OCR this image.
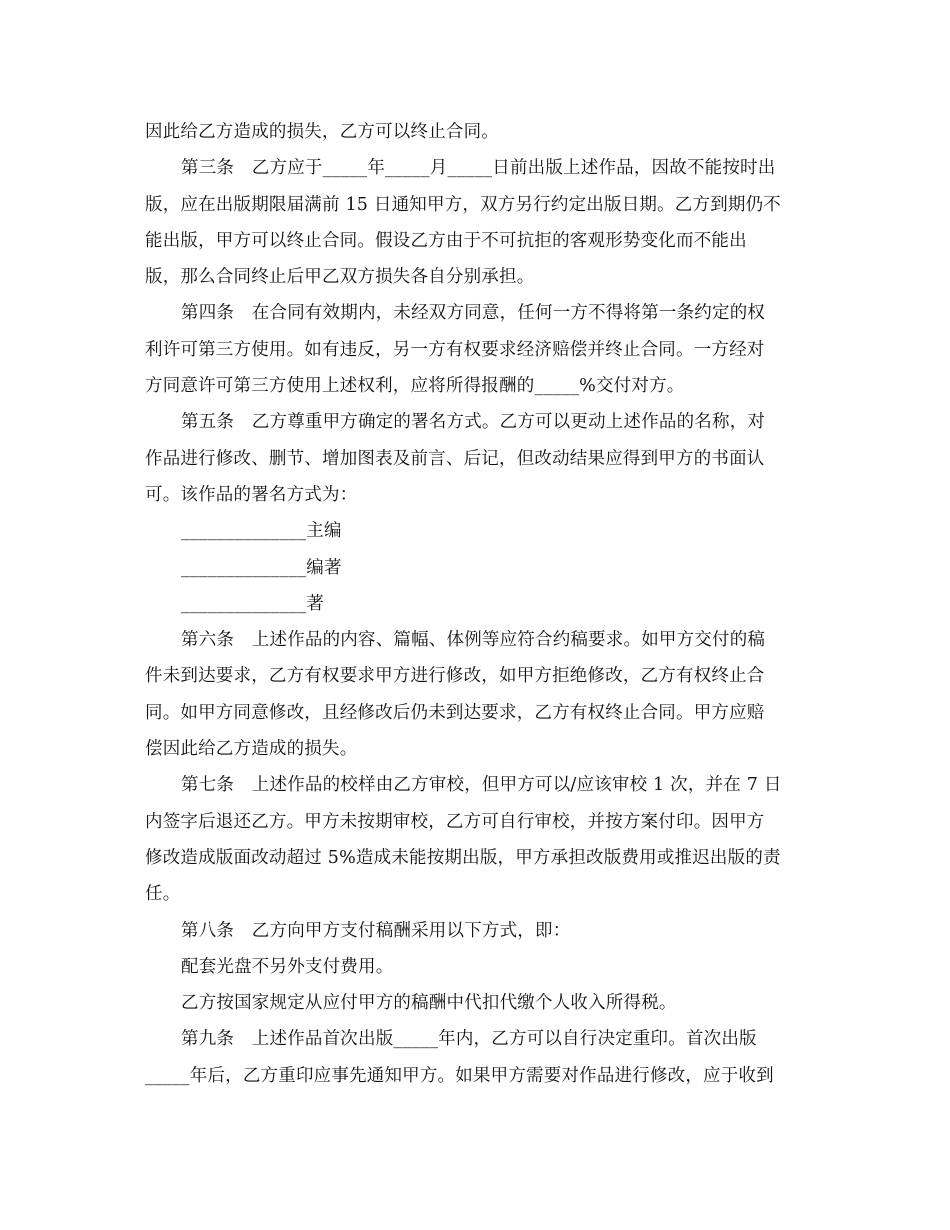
因此给乙方造成的损失，乙方可以终止合同。
第三条　乙方应于_____年_____月_____日前出版上述作品，因故不能按时出
版，应在出版期限届满前 15 日通知甲方，双方另行约定出版日期。乙方到期仍不
能出版，甲方可以终止合同。假设乙方由于不可抗拒的客观形势变化而不能出
版，那么合同终止后甲乙双方损失各自分别承担。
第四条　在合同有效期内，未经双方同意，任何一方不得将第一条约定的权
利许可第三方使用。如有违反，另一方有权要求经济赔偿并终止合同。一方经对
方同意许可第三方使用上述权利，应将所得报酬的_____%交付对方。
第五条　乙方尊重甲方确定的署名方式。乙方可以更动上述作品的名称，对
作品进行修改、删节、增加图表及前言、后记，但改动结果应得到甲方的书面认
可。该作品的署名方式为：
______________主编
______________编著
______________著
第六条　上述作品的内容、篇幅、体例等应符合约稿要求。如甲方交付的稿
件未到达要求，乙方有权要求甲方进行修改，如甲方拒绝修改，乙方有权终止合
同。如甲方同意修改，且经修改后仍未到达要求，乙方有权终止合同。甲方应赔
偿因此给乙方造成的损失。
第七条　上述作品的校样由乙方审校，但甲方可以/应该审校 1 次，并在 7 日
内签字后退还乙方。甲方未按期审校，乙方可自行审校，并按方案付印。因甲方
修改造成版面改动超过 5%造成未能按期出版，甲方承担改版费用或推迟出版的责
任。
第八条　乙方向甲方支付稿酬采用以下方式，即：
配套光盘不另外支付费用。
乙方按国家规定从应付甲方的稿酬中代扣代缴个人收入所得税。
第九条　上述作品首次出版_____年内，乙方可以自行决定重印。首次出版
_____年后，乙方重印应事先通知甲方。如果甲方需要对作品进行修改，应于收到
